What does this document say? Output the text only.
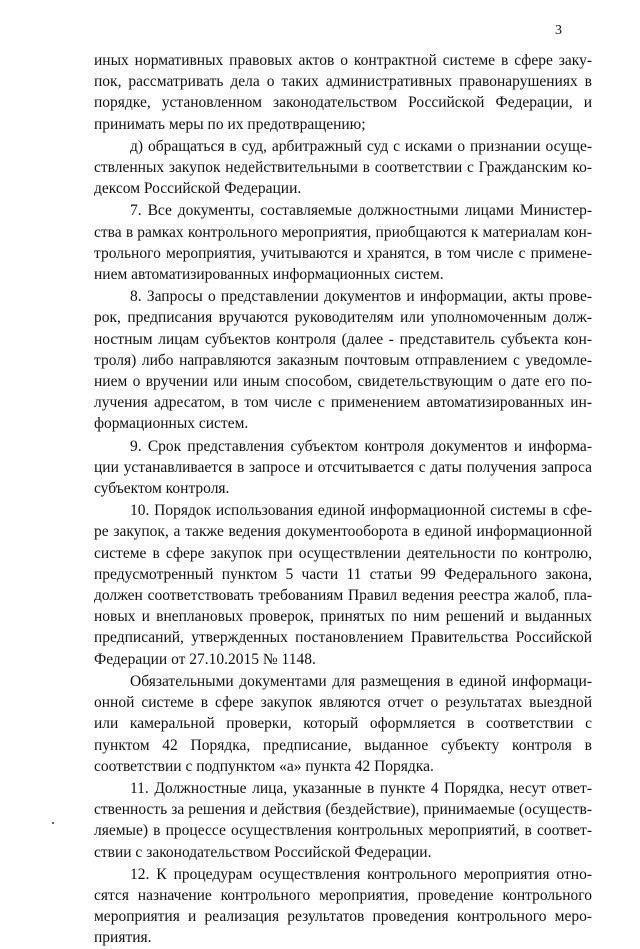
3

иных нормативных правовых актов о контрактной системе в сфере закупок, рассматривать дела о таких административных правонарушениях в порядке, установленном законодательством Российской Федерации, и принимать меры по их предотвращению;

д) обращаться в суд, арбитражный суд с исками о признании осуществленных закупок недействительными в соответствии с Гражданским кодексом Российской Федерации.

7. Все документы, составляемые должностными лицами Министерства в рамках контрольного мероприятия, приобщаются к материалам контрольного мероприятия, учитываются и хранятся, в том числе с применением автоматизированных информационных систем.

8. Запросы о представлении документов и информации, акты проверок, предписания вручаются руководителям или уполномоченным должностным лицам субъектов контроля (далее - представитель субъекта контроля) либо направляются заказным почтовым отправлением с уведомлением о вручении или иным способом, свидетельствующим о дате его получения адресатом, в том числе с применением автоматизированных информационных систем.

9. Срок представления субъектом контроля документов и информации устанавливается в запросе и отсчитывается с даты получения запроса субъектом контроля.

10. Порядок использования единой информационной системы в сфере закупок, а также ведения документооборота в единой информационной системе в сфере закупок при осуществлении деятельности по контролю, предусмотренный пунктом 5 части 11 статьи 99 Федерального закона, должен соответствовать требованиям Правил ведения реестра жалоб, плановых и внеплановых проверок, принятых по ним решений и выданных предписаний, утвержденных постановлением Правительства Российской Федерации от 27.10.2015 № 1148.

Обязательными документами для размещения в единой информационной системе в сфере закупок являются отчет о результатах выездной или камеральной проверки, который оформляется в соответствии с пунктом 42 Порядка, предписание, выданное субъекту контроля в соответствии с подпунктом «а» пункта 42 Порядка.

11. Должностные лица, указанные в пункте 4 Порядка, несут ответственность за решения и действия (бездействие), принимаемые (осуществляемые) в процессе осуществления контрольных мероприятий, в соответствии с законодательством Российской Федерации.

12. К процедурам осуществления контрольного мероприятия относятся назначение контрольного мероприятия, проведение контрольного мероприятия и реализация результатов проведения контрольного мероприятия.
